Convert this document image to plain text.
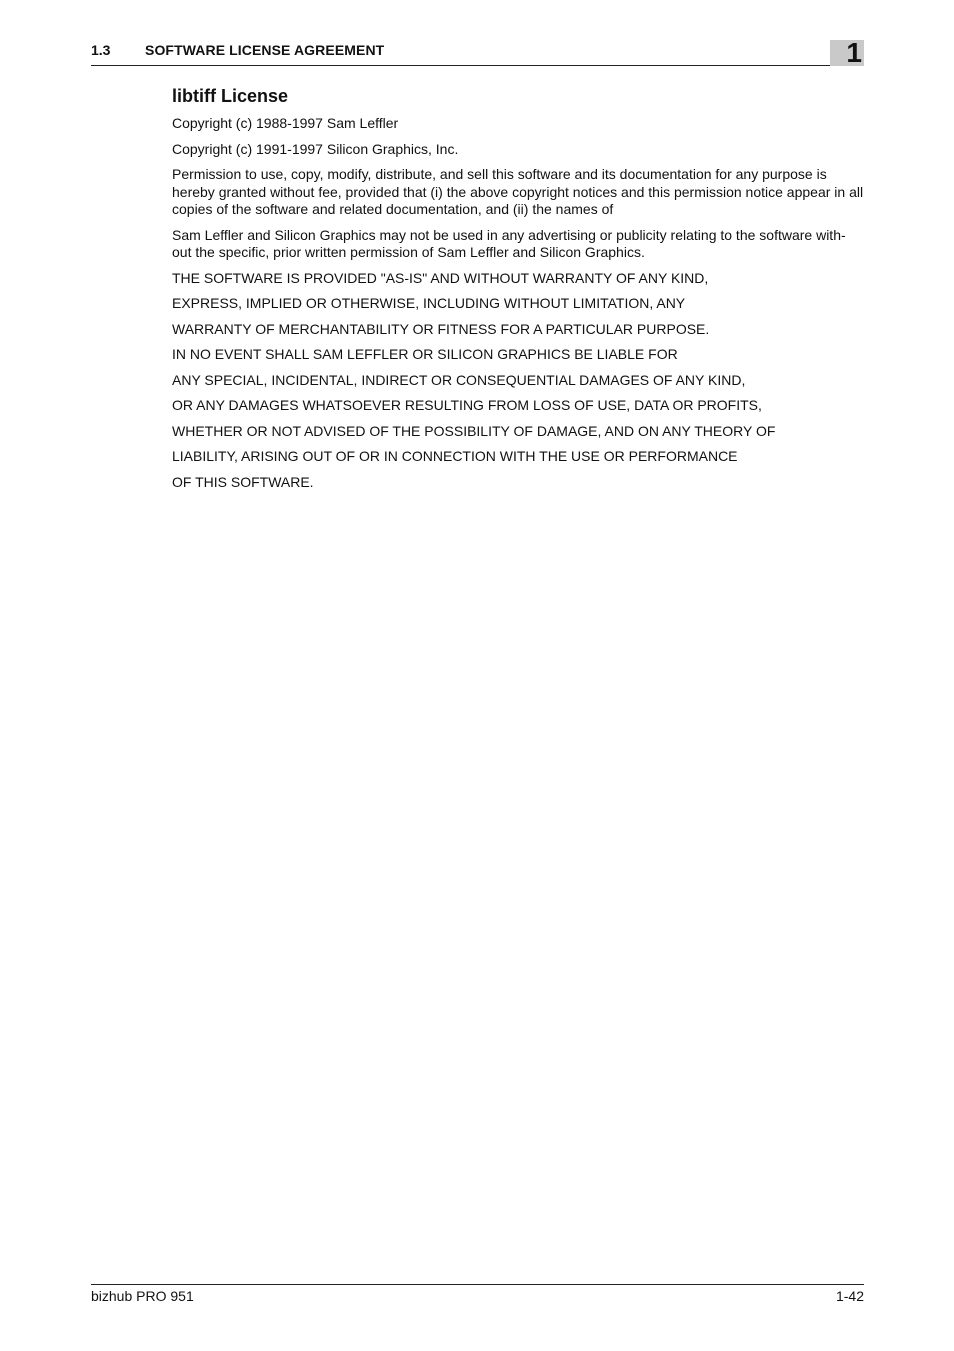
1.3 SOFTWARE LICENSE AGREEMENT	1
libtiff License

Copyright (c) 1988-1997 Sam Leffler

Copyright (c) 1991-1997 Silicon Graphics, Inc.

Permission to use, copy, modify, distribute, and sell this software and its documentation for any purpose is hereby granted without fee, provided that (i) the above copyright notices and this permission notice appear in all copies of the software and related documentation, and (ii) the names of

Sam Leffler and Silicon Graphics may not be used in any advertising or publicity relating to the software with-out the specific, prior written permission of Sam Leffler and Silicon Graphics.

THE SOFTWARE IS PROVIDED "AS-IS" AND WITHOUT WARRANTY OF ANY KIND,

EXPRESS, IMPLIED OR OTHERWISE, INCLUDING WITHOUT LIMITATION, ANY

WARRANTY OF MERCHANTABILITY OR FITNESS FOR A PARTICULAR PURPOSE.

IN NO EVENT SHALL SAM LEFFLER OR SILICON GRAPHICS BE LIABLE FOR

ANY SPECIAL, INCIDENTAL, INDIRECT OR CONSEQUENTIAL DAMAGES OF ANY KIND,

OR ANY DAMAGES WHATSOEVER RESULTING FROM LOSS OF USE, DATA OR PROFITS,

WHETHER OR NOT ADVISED OF THE POSSIBILITY OF DAMAGE, AND ON ANY THEORY OF

LIABILITY, ARISING OUT OF OR IN CONNECTION WITH THE USE OR PERFORMANCE

OF THIS SOFTWARE.

bizhub PRO 951	1-42
